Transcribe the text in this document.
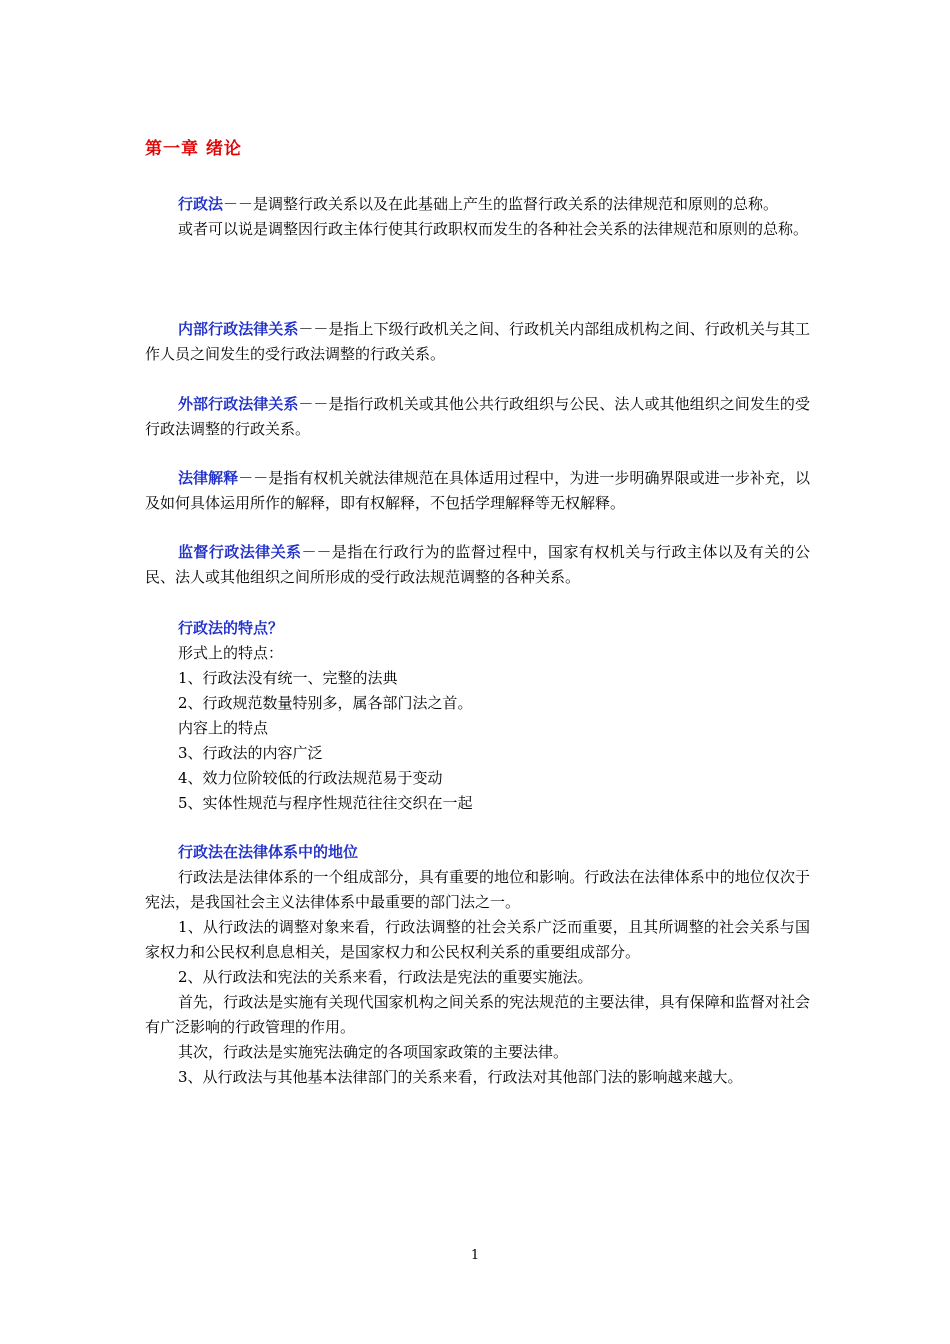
第一章 绪论

行政法－－是调整行政关系以及在此基础上产生的监督行政关系的法律规范和原则的总称。

或者可以说是调整因行政主体行使其行政职权而发生的各种社会关系的法律规范和原则的总称。

内部行政法律关系－－是指上下级行政机关之间、行政机关内部组成机构之间、行政机关与其工作人员之间发生的受行政法调整的行政关系。

外部行政法律关系－－是指行政机关或其他公共行政组织与公民、法人或其他组织之间发生的受行政法调整的行政关系。

法律解释－－是指有权机关就法律规范在具体适用过程中，为进一步明确界限或进一步补充，以及如何具体运用所作的解释，即有权解释，不包括学理解释等无权解释。

监督行政法律关系－－是指在行政行为的监督过程中，国家有权机关与行政主体以及有关的公民、法人或其他组织之间所形成的受行政法规范调整的各种关系。

行政法的特点？

形式上的特点：

1、行政法没有统一、完整的法典

2、行政规范数量特别多，属各部门法之首。

内容上的特点

3、行政法的内容广泛

4、效力位阶较低的行政法规范易于变动

5、实体性规范与程序性规范往往交织在一起

行政法在法律体系中的地位

行政法是法律体系的一个组成部分，具有重要的地位和影响。行政法在法律体系中的地位仅次于宪法，是我国社会主义法律体系中最重要的部门法之一。

1、从行政法的调整对象来看，行政法调整的社会关系广泛而重要，且其所调整的社会关系与国家权力和公民权利息息相关，是国家权力和公民权利关系的重要组成部分。

2、从行政法和宪法的关系来看，行政法是宪法的重要实施法。

首先，行政法是实施有关现代国家机构之间关系的宪法规范的主要法律，具有保障和监督对社会有广泛影响的行政管理的作用。

其次，行政法是实施宪法确定的各项国家政策的主要法律。

3、从行政法与其他基本法律部门的关系来看，行政法对其他部门法的影响越来越大。

1
